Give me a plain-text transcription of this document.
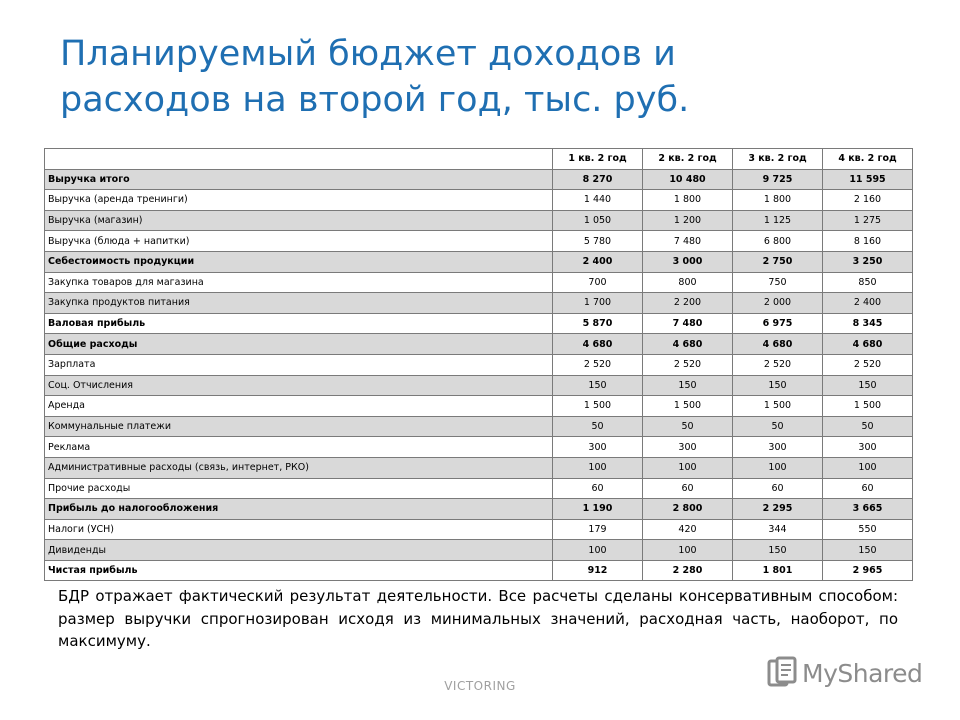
Планируемый бюджет доходов и
расходов на второй год, тыс. руб.
	1 кв. 2 год	2 кв. 2 год	3 кв. 2 год	4 кв. 2 год
Выручка итого	8 270	10 480	9 725	11 595
Выручка (аренда тренинги)	1 440	1 800	1 800	2 160
Выручка (магазин)	1 050	1 200	1 125	1 275
Выручка (блюда + напитки)	5 780	7 480	6 800	8 160
Себестоимость продукции	2 400	3 000	2 750	3 250
Закупка товаров для магазина	700	800	750	850
Закупка продуктов питания	1 700	2 200	2 000	2 400
Валовая прибыль	5 870	7 480	6 975	8 345
Общие расходы	4 680	4 680	4 680	4 680
Зарплата	2 520	2 520	2 520	2 520
Соц. Отчисления	150	150	150	150
Аренда	1 500	1 500	1 500	1 500
Коммунальные платежи	50	50	50	50
Реклама	300	300	300	300
Административные расходы (связь, интернет, РКО)	100	100	100	100
Прочие расходы	60	60	60	60
Прибыль до налогообложения	1 190	2 800	2 295	3 665
Налоги (УСН)	179	420	344	550
Дивиденды	100	100	150	150
Чистая прибыль	912	2 280	1 801	2 965

БДР отражает фактический результат деятельности. Все расчеты сделаны консервативным способом: размер выручки спрогнозирован исходя из минимальных значений, расходная часть, наоборот, по максимуму.

VICTORING	MyShared
